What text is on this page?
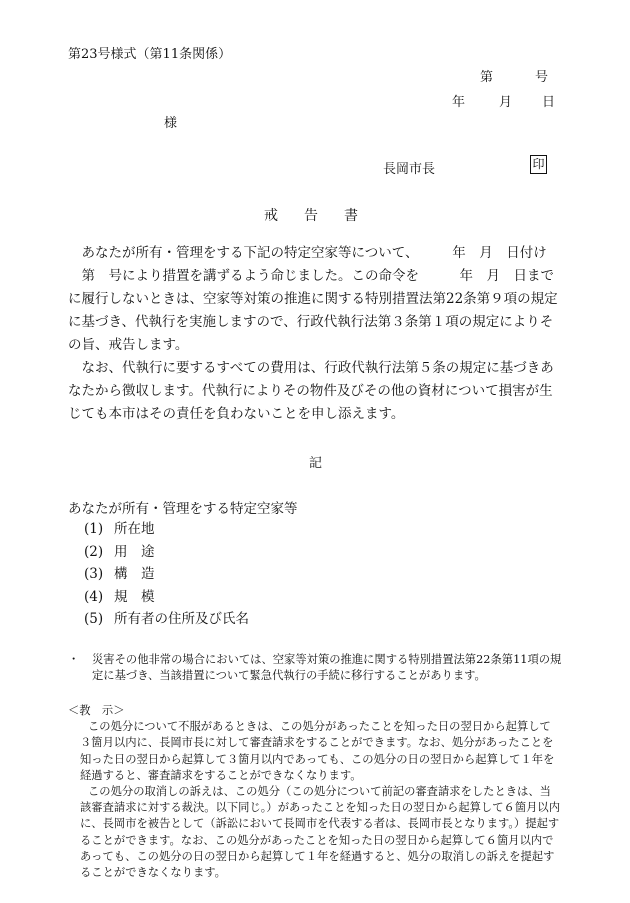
第23号様式（第11条関係）
第	号
年	月 日
様
長岡市長	印
戒 告 書
　あなたが所有・管理をする下記の特定空家等について、　　　年　月　日付け
　第　号により措置を講ずるよう命じました。この命令を　　　年　月　日まで
に履行しないときは、空家等対策の推進に関する特別措置法第22条第９項の規定
に基づき、代執行を実施しますので、行政代執行法第３条第１項の規定によりそ
の旨、戒告します。
　なお、代執行に要するすべての費用は、行政代執行法第５条の規定に基づきあ
なたから徴収します。代執行によりその物件及びその他の資材について損害が生
じても本市はその責任を負わないことを申し添えます。
記
あなたが所有・管理をする特定空家等
(1) 所在地
(2) 用　途
(3) 構　造
(4) 規　模
(5) 所有者の住所及び氏名
・ 災害その他非常の場合においては、空家等対策の推進に関する特別措置法第22条第11項の規
定に基づき、当該措置について緊急代執行の手続に移行することがあります。
＜教　示＞
この処分について不服があるときは、この処分があったことを知った日の翌日から起算して
３箇月以内に、長岡市長に対して審査請求をすることができます。なお、処分があったことを
知った日の翌日から起算して３箇月以内であっても、この処分の日の翌日から起算して１年を
経過すると、審査請求をすることができなくなります。
この処分の取消しの訴えは、この処分（この処分について前記の審査請求をしたときは、当
該審査請求に対する裁決。以下同じ。）があったことを知った日の翌日から起算して６箇月以内
に、長岡市を被告として（訴訟において長岡市を代表する者は、長岡市長となります。）提起す
ることができます。なお、この処分があったことを知った日の翌日から起算して６箇月以内で
あっても、この処分の日の翌日から起算して１年を経過すると、処分の取消しの訴えを提起す
ることができなくなります。
